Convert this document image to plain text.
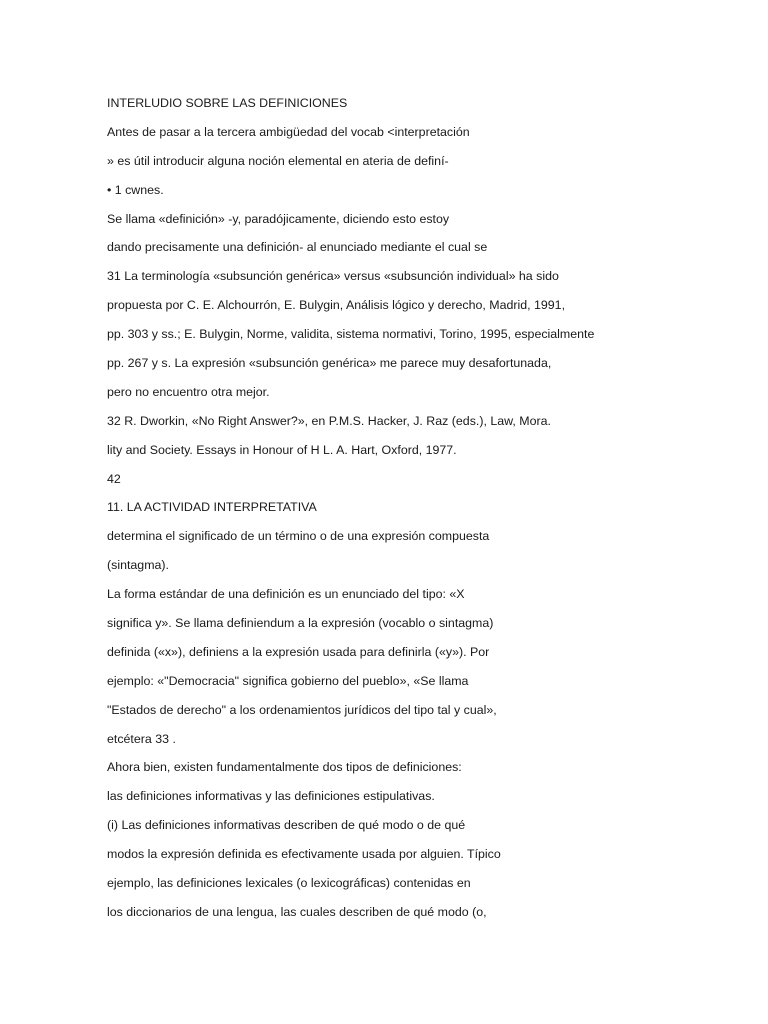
INTERLUDIO SOBRE LAS DEFINICIONES
Antes de pasar a la tercera ambigüedad del vocab <interpretación
» es útil introducir alguna noción elemental en ateria de definí-
• 1 cwnes.
Se llama «definición» -y, paradójicamente, diciendo esto estoy
dando precisamente una definición- al enunciado mediante el cual se
31 La terminología «subsunción genérica» versus «subsunción individual» ha sido
propuesta por C. E. Alchourrón, E. Bulygin, Análisis lógico y derecho, Madrid, 1991,
pp. 303 y ss.; E. Bulygin, Norme, validita, sistema normativi, Torino, 1995, especialmente
pp. 267 y s. La expresión «subsunción genérica» me parece muy desafortunada,
pero no encuentro otra mejor.
32 R. Dworkin, «No Right Answer?», en P.M.S. Hacker, J. Raz (eds.), Law, Mora.
lity and Society. Essays in Honour of H L. A. Hart, Oxford, 1977.
42
11. LA ACTIVIDAD INTERPRETATIVA
determina el significado de un término o de una expresión compuesta
(sintagma).
La forma estándar de una definición es un enunciado del tipo: «X
significa y». Se llama definiendum a la expresión (vocablo o sintagma)
definida («x»), definiens a la expresión usada para definirla («y»). Por
ejemplo: «"Democracia" significa gobierno del pueblo», «Se llama
"Estados de derecho" a los ordenamientos jurídicos del tipo tal y cual»,
etcétera 33 .
Ahora bien, existen fundamentalmente dos tipos de definiciones:
las definiciones informativas y las definiciones estipulativas.
(i) Las definiciones informativas describen de qué modo o de qué
modos la expresión definida es efectivamente usada por alguien. Típico
ejemplo, las definiciones lexicales (o lexicográficas) contenidas en
los diccionarios de una lengua, las cuales describen de qué modo (o,
